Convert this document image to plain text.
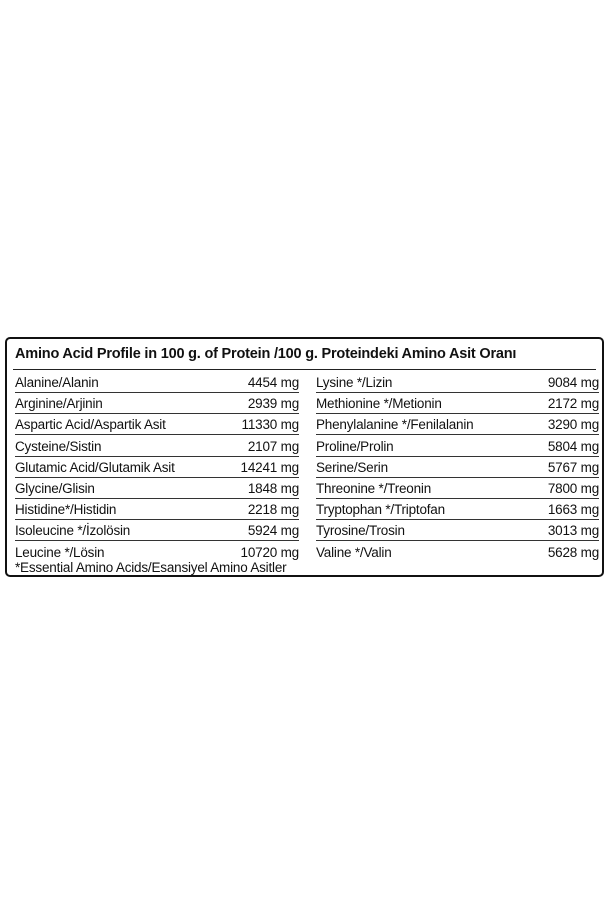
Amino Acid Profile in 100 g. of Protein /100 g. Proteindeki Amino Asit Oranı
Alanine/Alanin	4454 mg
Arginine/Arjinin	2939 mg
Aspartic Acid/Aspartik Asit	11330 mg
Cysteine/Sistin	2107 mg
Glutamic Acid/Glutamik Asit	14241 mg
Glycine/Glisin	1848 mg
Histidine*/Histidin	2218 mg
Isoleucine */İzolösin	5924 mg
Leucine */Lösin	10720 mg
Lysine */Lizin	9084 mg
Methionine */Metionin	2172 mg
Phenylalanine */Fenilalanin	3290 mg
Proline/Prolin	5804 mg
Serine/Serin	5767 mg
Threonine */Treonin	7800 mg
Tryptophan */Triptofan	1663 mg
Tyrosine/Trosin	3013 mg
Valine */Valin	5628 mg
*Essential Amino Acids/Esansiyel Amino Asitler
